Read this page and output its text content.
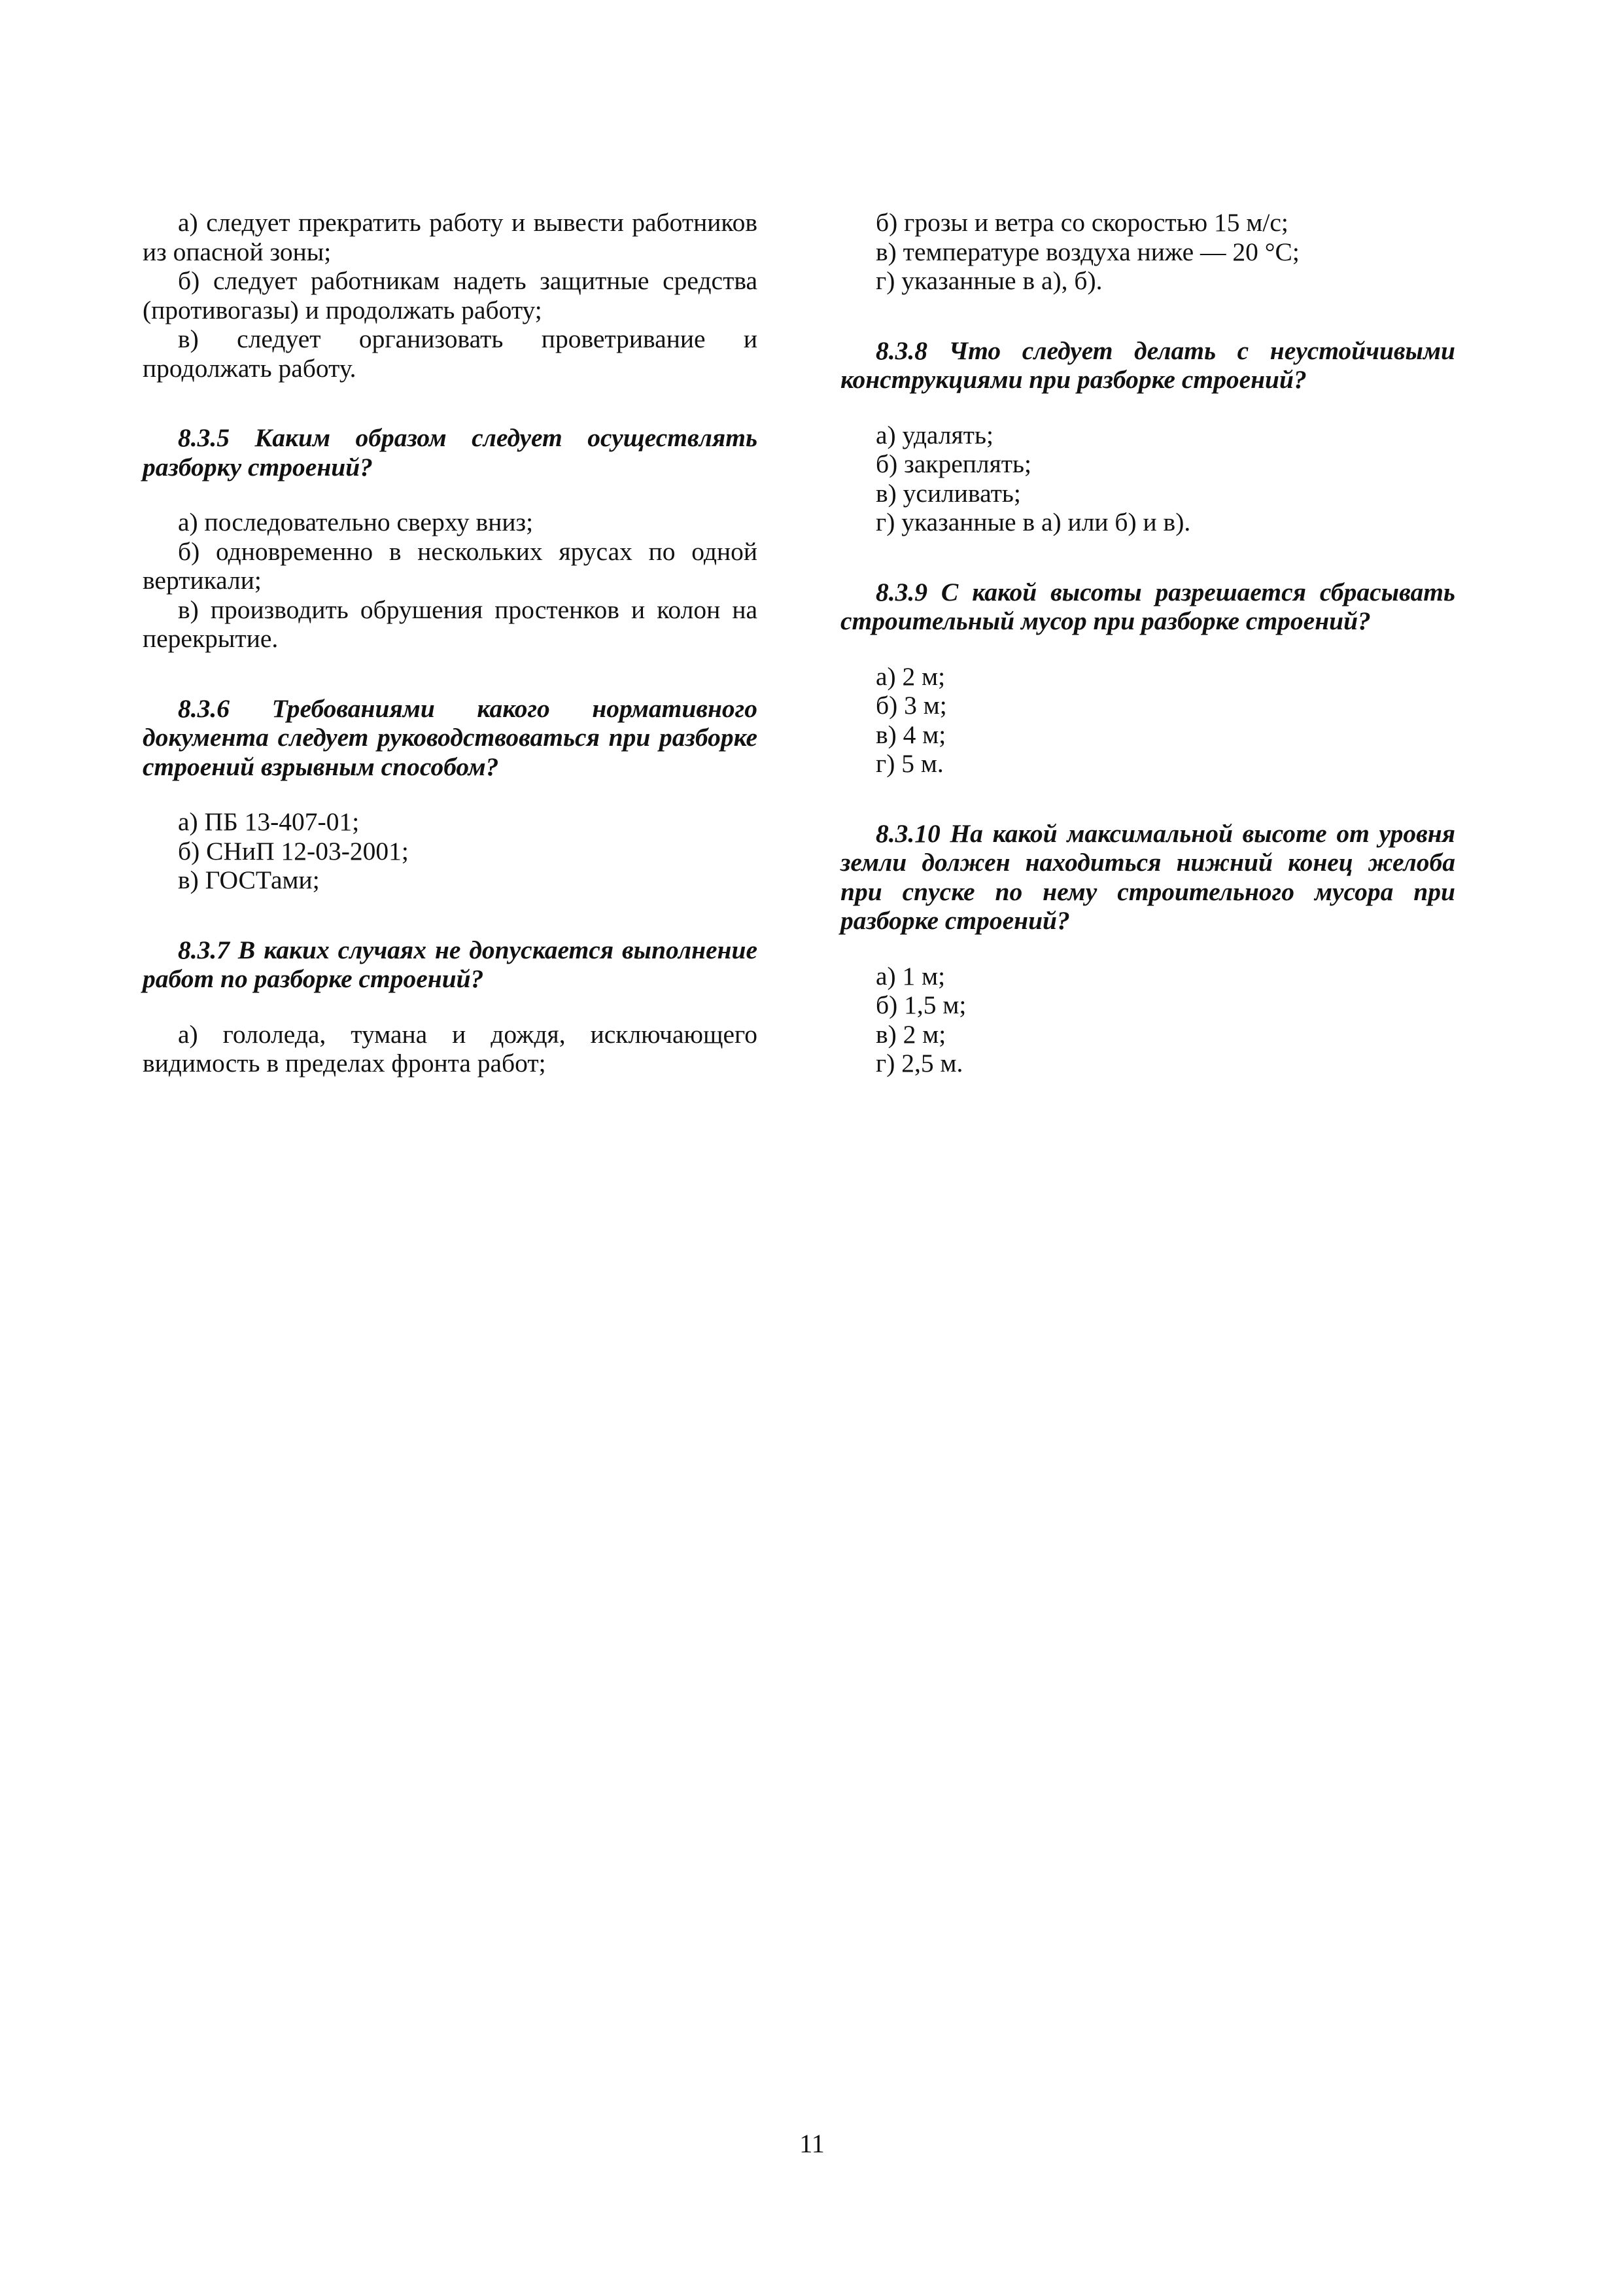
а) следует прекратить работу и вывести работников из опасной зоны;

б) следует работникам надеть защитные средства (противогазы) и продолжать работу;

в) следует организовать проветривание и продолжать работу.

8.3.5 Каким образом следует осуществлять разборку строений?

а) последовательно сверху вниз;

б) одновременно в нескольких ярусах по одной вертикали;

в) производить обрушения простенков и колон на перекрытие.

8.3.6 Требованиями какого нормативного документа следует руководствоваться при разборке строений взрывным способом?

а) ПБ 13-407-01;

б) СНиП 12-03-2001;

в) ГОСТами;

8.3.7 В каких случаях не допускается выполнение работ по разборке строений?

а) гололеда, тумана и дождя, исключающего видимость в пределах фронта работ;

б) грозы и ветра со скоростью 15 м/с;

в) температуре воздуха ниже — 20 °С;

г) указанные в а), б).

8.3.8 Что следует делать с неустойчивыми конструкциями при разборке строений?

а) удалять;

б) закреплять;

в) усиливать;

г) указанные в а) или б) и в).

8.3.9 С какой высоты разрешается сбрасывать строительный мусор при разборке строений?

а) 2 м;

б) 3 м;

в) 4 м;

г) 5 м.

8.3.10 На какой максимальной высоте от уровня земли должен находиться нижний конец желоба при спуске по нему строительного мусора при разборке строений?

а) 1 м;

б) 1,5 м;

в) 2 м;

г) 2,5 м.

11
